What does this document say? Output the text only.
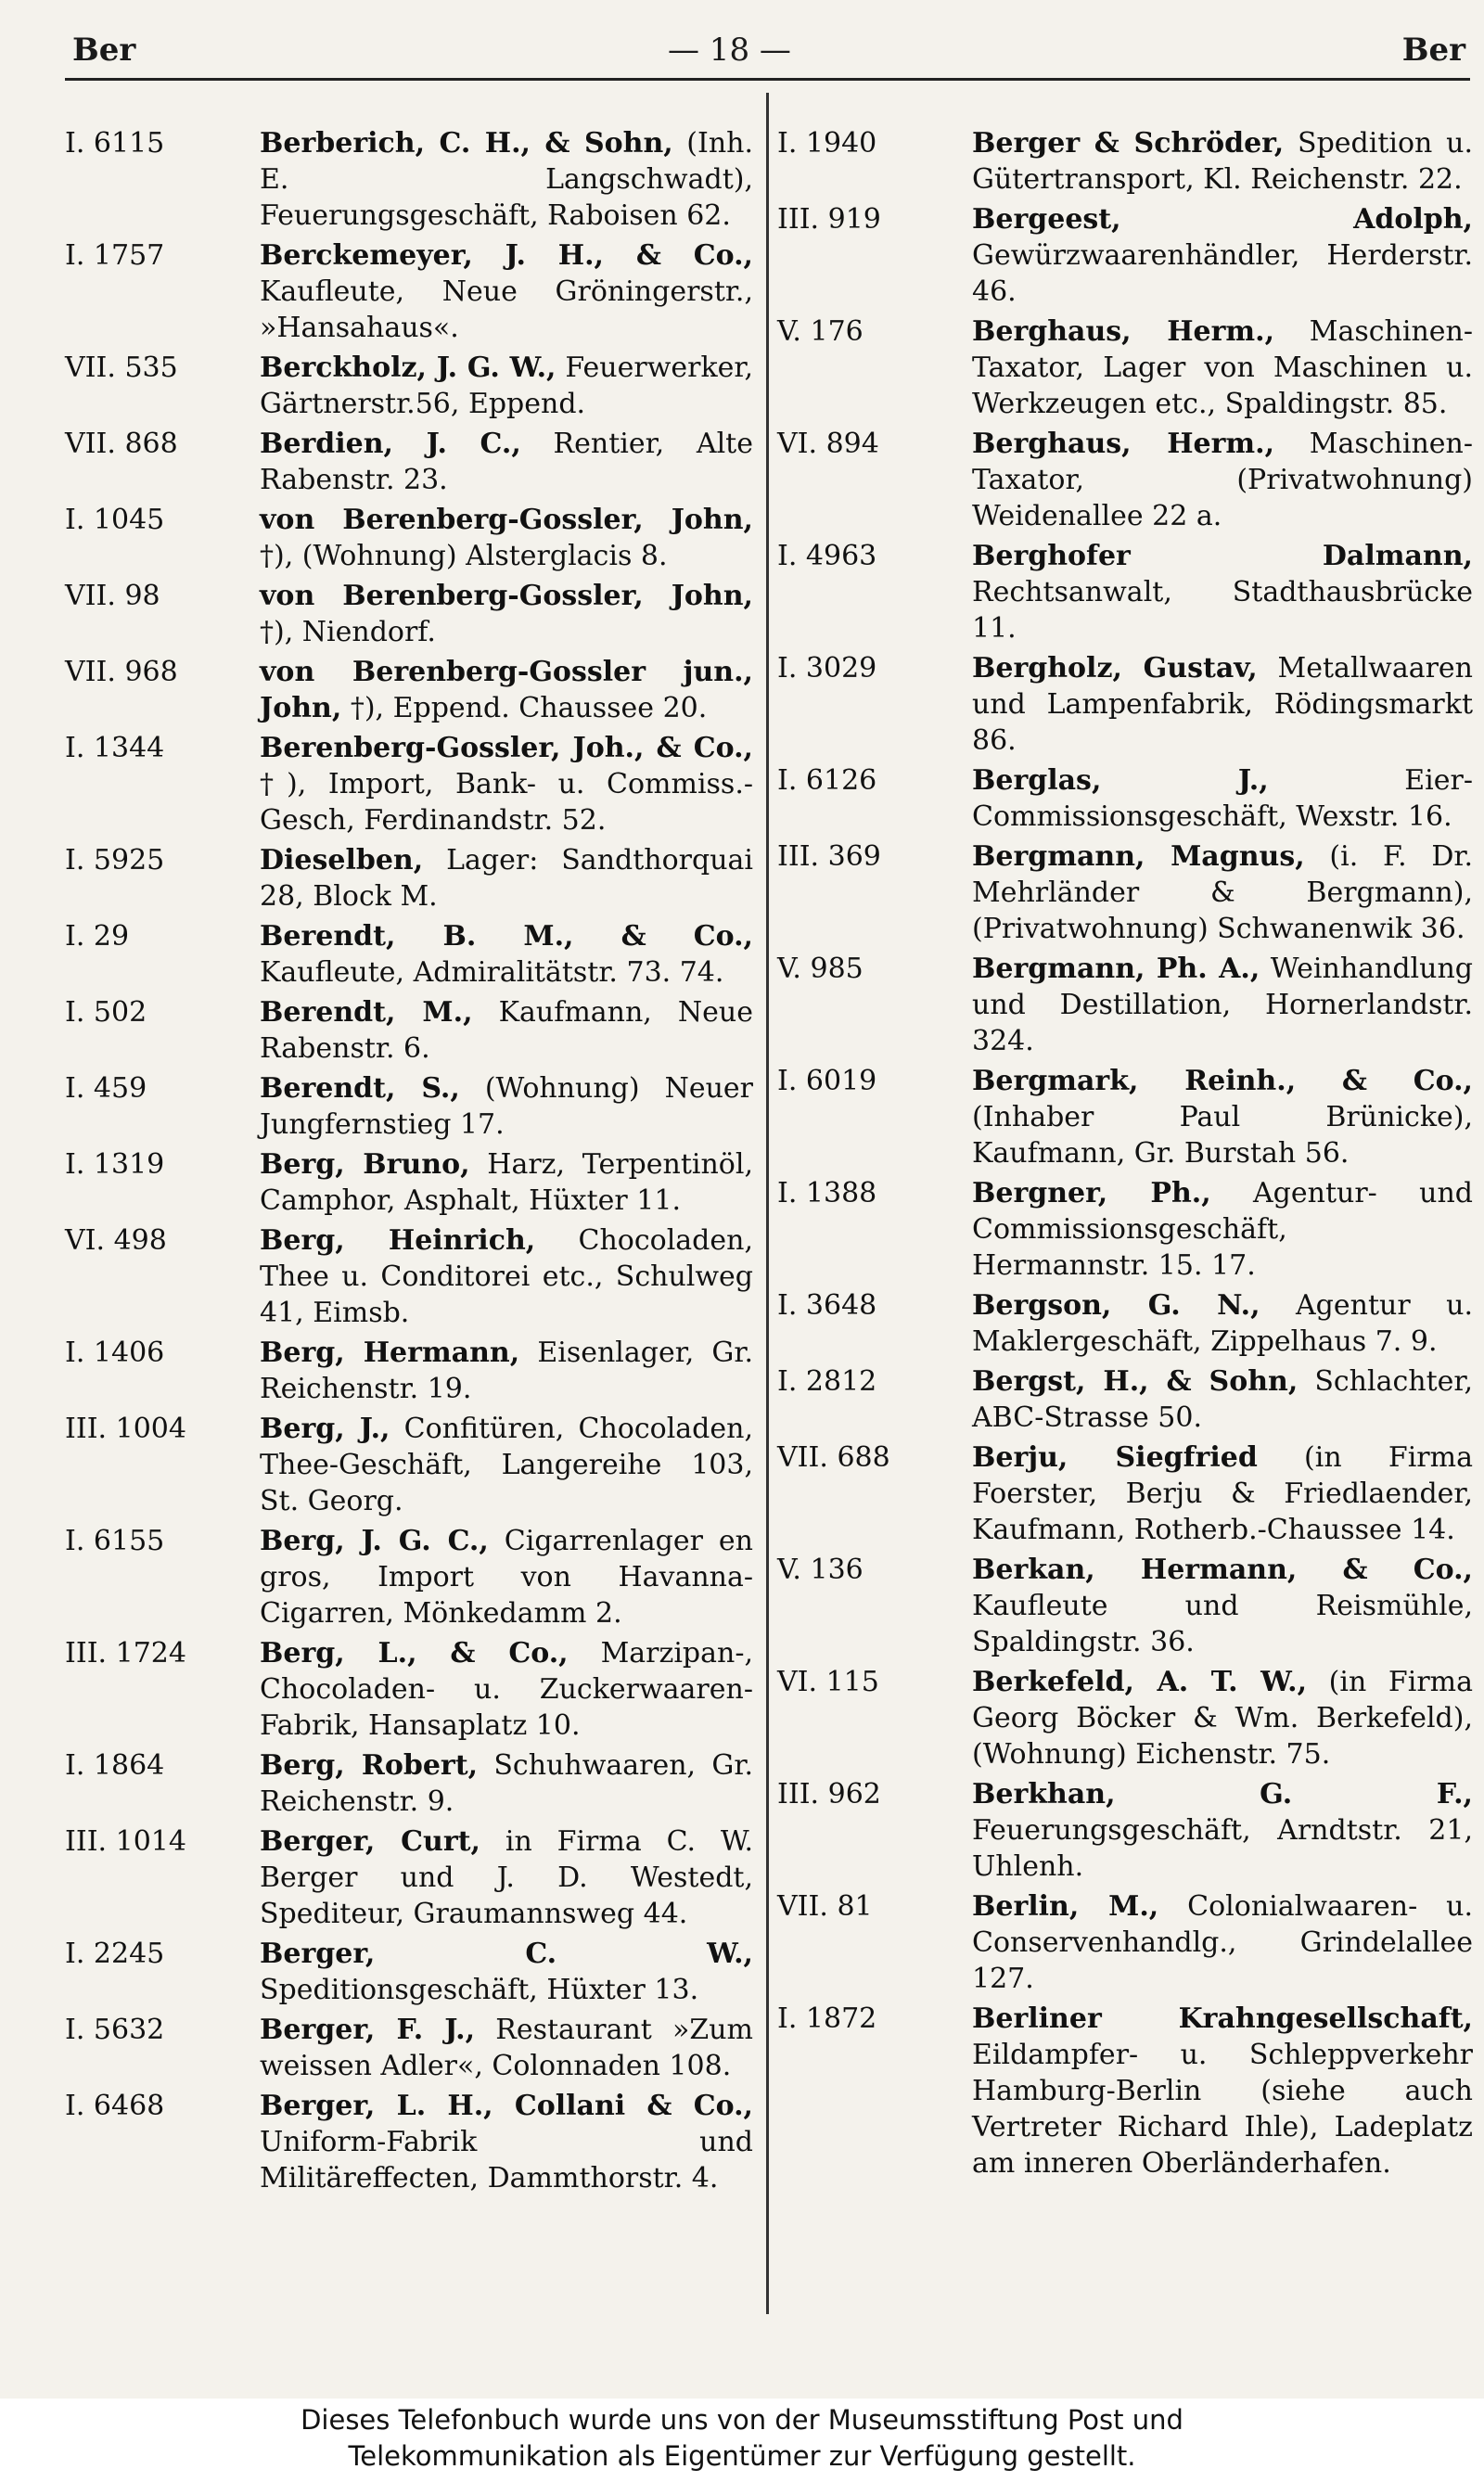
Ber	— 18 —	Ber
I. 6115	Berberich, C. H., & Sohn, (Inh. E. Langschwadt), Feuerungsgeschäft, Raboisen 62.
I. 1757	Berckemeyer, J. H., & Co., Kaufleute, Neue Gröningerstr., »Hansahaus«.
VII. 535	Berckholz, J. G. W., Feuerwerker, Gärtnerstr.56, Eppend.
VII. 868	Berdien, J. C., Rentier, Alte Rabenstr. 23.
I. 1045	von Berenberg-Gossler, John, †), (Wohnung) Alsterglacis 8.
VII. 98	von Berenberg-Gossler, John, †), Niendorf.
VII. 968	von Berenberg-Gossler jun., John, †), Eppend. Chaussee 20.
I. 1344	Berenberg-Gossler, Joh., & Co., †), Import, Bank- u. Commiss.-Gesch, Ferdinandstr. 52.
I. 5925	Dieselben, Lager: Sandthorquai 28, Block M.
I. 29	Berendt, B. M., & Co., Kaufleute, Admiralitätstr. 73. 74.
I. 502	Berendt, M., Kaufmann, Neue Rabenstr. 6.
I. 459	Berendt, S., (Wohnung) Neuer Jungfernstieg 17.
I. 1319	Berg, Bruno, Harz, Terpentinöl, Camphor, Asphalt, Hüxter 11.
VI. 498	Berg, Heinrich, Chocoladen, Thee u. Conditorei etc., Schulweg 41, Eimsb.
I. 1406	Berg, Hermann, Eisenlager, Gr. Reichenstr. 19.
III. 1004	Berg, J., Confitüren, Chocoladen, Thee-Geschäft, Langereihe 103, St. Georg.
I. 6155	Berg, J. G. C., Cigarrenlager en gros, Import von Havanna-Cigarren, Mönkedamm 2.
III. 1724	Berg, L., & Co., Marzipan-, Chocoladen- u. Zuckerwaaren-Fabrik, Hansaplatz 10.
I. 1864	Berg, Robert, Schuhwaaren, Gr. Reichenstr. 9.
III. 1014	Berger, Curt, in Firma C. W. Berger und J. D. Westedt, Spediteur, Graumannsweg 44.
I. 2245	Berger, C. W., Speditionsgeschäft, Hüxter 13.
I. 5632	Berger, F. J., Restaurant »Zum weissen Adler«, Colonnaden 108.
I. 6468	Berger, L. H., Collani & Co., Uniform-Fabrik und Militäreffecten, Dammthorstr. 4.
I. 1940	Berger & Schröder, Spedition u. Gütertransport, Kl. Reichenstr. 22.
III. 919	Bergeest, Adolph, Gewürzwaarenhändler, Herderstr. 46.
V. 176	Berghaus, Herm., Maschinen-Taxator, Lager von Maschinen u. Werkzeugen etc., Spaldingstr. 85.
VI. 894	Berghaus, Herm., Maschinen-Taxator, (Privatwohnung) Weidenallee 22 a.
I. 4963	Berghofer Dalmann, Rechtsanwalt, Stadthausbrücke 11.
I. 3029	Bergholz, Gustav, Metallwaaren und Lampenfabrik, Rödingsmarkt 86.
I. 6126	Berglas, J.,	Eier-Commissionsgeschäft, Wexstr. 16.
III. 369	Bergmann, Magnus, (i. F. Dr. Mehrländer & Bergmann), (Privatwohnung) Schwanenwik 36.
V. 985	Bergmann, Ph. A., Weinhandlung und Destillation, Hornerlandstr. 324.
I. 6019	Bergmark, Reinh., & Co., (Inhaber Paul Brünicke), Kaufmann, Gr. Burstah 56.
I. 1388	Bergner, Ph., Agentur- und Commissionsgeschäft, Hermannstr. 15. 17.
I. 3648	Bergson, G. N., Agentur u. Maklergeschäft, Zippelhaus 7. 9.
I. 2812	Bergst, H., & Sohn, Schlachter, ABC-Strasse 50.
VII. 688	Berju, Siegfried (in Firma Foerster, Berju & Friedlaender, Kaufmann, Rotherb.-Chaussee 14.
V. 136	Berkan, Hermann, & Co., Kaufleute und Reismühle, Spaldingstr. 36.
VI. 115	Berkefeld, A. T. W., (in Firma Georg Böcker & Wm. Berkefeld), (Wohnung) Eichenstr. 75.
III. 962	Berkhan, G. F., Feuerungsgeschäft, Arndtstr. 21, Uhlenh.
VII. 81	Berlin, M., Colonialwaaren- u. Conservenhandlg., Grindelallee 127.
I. 1872	Berliner Krahngesellschaft, Eildampfer- u. Schleppverkehr Hamburg-Berlin (siehe auch Vertreter Richard Ihle), Ladeplatz am inneren Oberländerhafen.
Dieses Telefonbuch wurde uns von der Museumsstiftung Post und
Telekommunikation als Eigentümer zur Verfügung gestellt.
